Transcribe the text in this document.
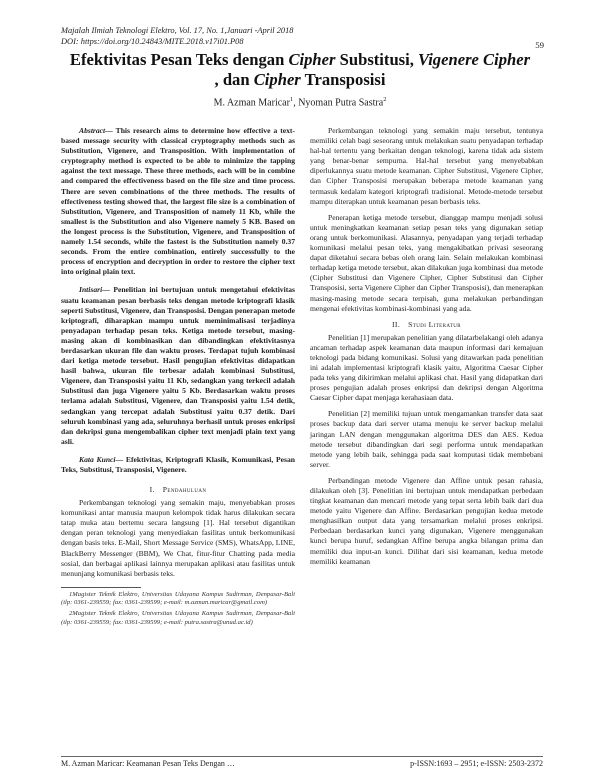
Majalah Ilmiah Teknologi Elektro, Vol. 17, No. 1,Januari -April 2018
DOI: https://doi.org/10.24843/MITE.2018.v17i01.P08	59
Efektivitas Pesan Teks dengan Cipher Substitusi, Vigenere Cipher
, dan Cipher Transposisi
M. Azman Maricar$^1$, Nyoman Putra Sastra$^2$

Abstract— This research aims to determine how effective a text-based message security with classical cryptography methods such as Substitution, Vigenere, and Transposition. With implementation of cryptography method is expected to be able to minimize the tapping against the text message. These three methods, each will be in combine and compared the effectiveness based on the file size and time process. There are seven combinations of the three methods. The results of effectiveness testing showed that, the largest file size is a combination of Substitution, Vigenere, and Transposition of namely 11 Kb, while the smallest is the Substitution and also Vigenere namely 5 KB. Based on the longest process is the Substitution, Vigenere, and Transposition of namely 1.54 seconds, while the fastest is the Substitution namely 0.37 seconds. From the entire combination, entirely successfully to the process of encryption and decryption in order to restore the cipher text into original plain text.

Intisari— Penelitian ini bertujuan untuk mengetahui efektivitas suatu keamanan pesan berbasis teks dengan metode kriptografi klasik seperti Substitusi, Vigenere, dan Transposisi. Dengan penerapan metode kriptografi, diharapkan mampu untuk meminimalisasi terjadinya penyadapan terhadap pesan teks. Ketiga metode tersebut, masing-masing akan di kombinasikan dan dibandingkan efektivitasnya berdasarkan ukuran file dan waktu proses. Terdapat tujuh kombinasi dari ketiga metode tersebut. Hasil pengujian efektivitas didapatkan hasil bahwa, ukuran file terbesar adalah kombinasi Substitusi, Vigenere, dan Transposisi yaitu 11 Kb, sedangkan yang terkecil adalah Substitusi dan juga Vigenere yaitu 5 Kb. Berdasarkan waktu proses terlama adalah Substitusi, Vigenere, dan Transposisi yaitu 1.54 detik, sedangkan yang tercepat adalah Substitusi yaitu 0.37 detik. Dari seluruh kombinasi yang ada, seluruhnya berhasil untuk proses enkripsi dan dekripsi guna mengembalikan cipher text menjadi plain text yang asli.

Kata Kunci— Efektivitas, Kriptografi Klasik, Komunikasi, Pesan Teks, Substitusi, Transposisi, Vigenere.

I. Pendahuluan

Perkembangan teknologi yang semakin maju, menyebabkan proses komunikasi antar manusia maupun kelompok tidak harus dilakukan secara tatap muka atau bertemu secara langsung [1]. Hal tersebut digantikan dengan peran teknologi yang menyediakan fasilitas untuk berkomunikasi dengan basis teks. E-Mail, Short Message Service (SMS), WhatsApp, LINE, BlackBerry Messenger (BBM), We Chat, fitur-fitur Chatting pada media sosial, dan berbagai aplikasi lainnya merupakan aplikasi atau fasilitas untuk menunjang komunikasi berbasis teks.

1Magister Teknik Elektro, Universitas Udayana Kampus Sudirman, Denpasar-Bali (tlp: 0361-239559; fax: 0361-239599; e-mail: m.azman.maricar@gmail.com)

2Magister Teknik Elektro, Universitas Udayana Kampus Sudirman, Denpasar-Bali (tlp: 0361-239559; fax: 0361-239599; e-mail: putra.sastra@unud.ac.id)

Perkembangan teknologi yang semakin maju tersebut, tentunya memiliki celah bagi seseorang untuk melakukan suatu penyadapan terhadap hal-hal tertentu yang berkaitan dengan teknologi, karena tidak ada sistem yang benar-benar sempurna. Hal-hal tersebut yang menyebabkan diperlukannya suatu metode keamanan. Cipher Substitusi, Vigenere Cipher, dan Cipher Transposisi merupakan beberapa metode keamanan yang termasuk kedalam kategori kriptografi tradisional. Metode-metode tersebut mampu diterapkan untuk keamanan pesan berbasis teks.

Penerapan ketiga metode tersebut, dianggap mampu menjadi solusi untuk meningkatkan keamanan setiap pesan teks yang digunakan setiap orang untuk berkomunikasi. Alasannya, penyadapan yang terjadi terhadap komunikasi melalui pesan teks, yang mengakibatkan privasi seseorang dapat diketahui secara bebas oleh orang lain. Selain melakukan kombinasi terhadap ketiga metode tersebut, akan dilakukan juga kombinasi dua metode (Cipher Substitusi dan Vigenere Cipher, Cipher Substitusi dan Cipher Transposisi, serta Vigenere Cipher dan Cipher Transposisi), dan menerapkan masing-masing metode secara terpisah, guna melakukan perbandingan mengenai efektivitas kombinasi-kombinasi yang ada.

II. Studi Literatur

Penelitian [1] merupakan penelitian yang dilatarbelakangi oleh adanya ancaman terhadap aspek keamanan data maupun informasi dari kemajuan teknologi pada bidang komunikasi. Solusi yang ditawarkan pada penelitian ini adalah implementasi kriptografi klasik yaitu, Algoritma Caesar Cipher pada teks yang dikirimkan melalui aplikasi chat. Hasil yang didapatkan dari proses pengujian adalah proses enkripsi dan dekripsi dengan Algoritma Caesar Cipher dapat menjaga kerahasiaan data.

Penelitian [2] memiliki tujuan untuk mengamankan transfer data saat proses backup data dari server utama menuju ke server backup melalui jaringan LAN dengan menggunakan algoritma DES dan AES. Kedua metode tersebut dibandingkan dari segi performa untuk mendapatkan metode yang lebih baik, sehingga pada saat komputasi tidak membebani server.

Perbandingan metode Vigenere dan Affine untuk pesan rahasia, dilakukan oleh [3]. Penelitian ini bertujuan untuk mendapatkan perbedaan tingkat keamanan dan mencari metode yang tepat serta lebih baik dari dua metode yaitu Vigenere dan Affine. Berdasarkan pengujian kedua metode menghasilkan output data yang tersamarkan melalui proses enkripsi. Perbedaan berdasarkan kunci yang digunakan, Vigenere menggunakan kunci berupa huruf, sedangkan Affine berupa angka bilangan prima dan memiliki dua input-an kunci. Dilihat dari sisi keamanan, kedua metode memiliki keamanan

M. Azman Maricar: Keamanan Pesan Teks Dengan …	p-ISSN:1693 – 2951; e-ISSN: 2503-2372
